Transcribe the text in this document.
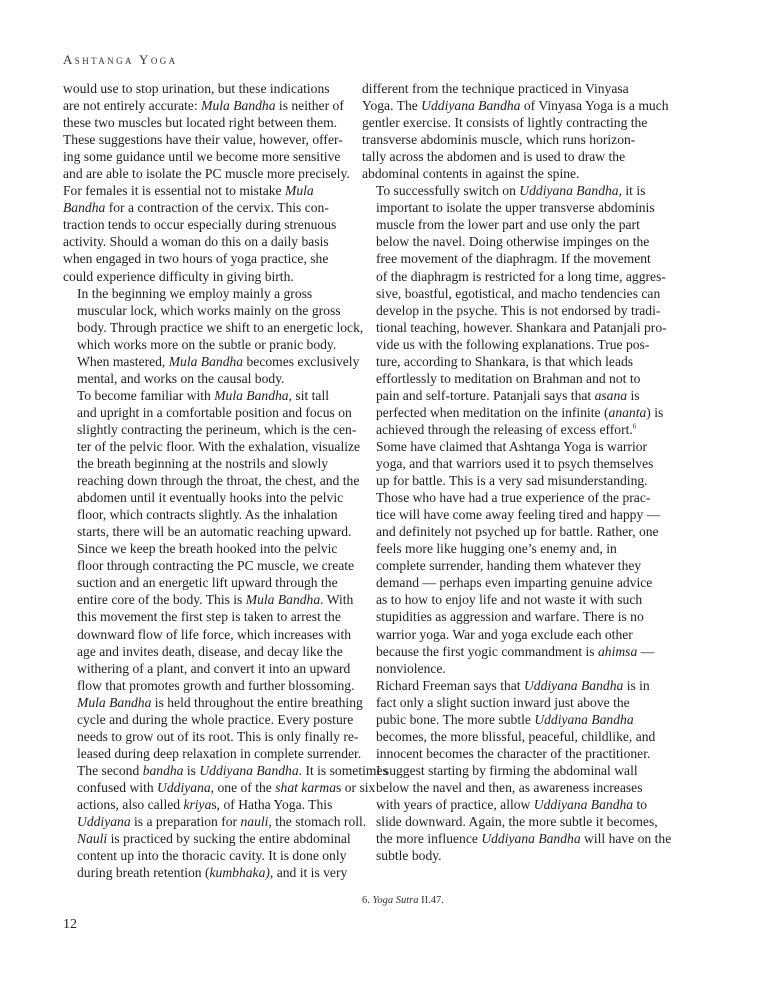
Ashtanga Yoga

would use to stop urination, but these indications
are not entirely accurate: Mula Bandha is neither of
these two muscles but located right between them.
These suggestions have their value, however, offer-
ing some guidance until we become more sensitive
and are able to isolate the PC muscle more precisely.
For females it is essential not to mistake Mula
Bandha for a contraction of the cervix. This con-
traction tends to occur especially during strenuous
activity. Should a woman do this on a daily basis
when engaged in two hours of yoga practice, she
could experience difficulty in giving birth.

In the beginning we employ mainly a gross
muscular lock, which works mainly on the gross
body. Through practice we shift to an energetic lock,
which works more on the subtle or pranic body.
When mastered, Mula Bandha becomes exclusively
mental, and works on the causal body.

To become familiar with Mula Bandha, sit tall
and upright in a comfortable position and focus on
slightly contracting the perineum, which is the cen-
ter of the pelvic floor. With the exhalation, visualize
the breath beginning at the nostrils and slowly
reaching down through the throat, the chest, and the
abdomen until it eventually hooks into the pelvic
floor, which contracts slightly. As the inhalation
starts, there will be an automatic reaching upward.
Since we keep the breath hooked into the pelvic
floor through contracting the PC muscle, we create
suction and an energetic lift upward through the
entire core of the body. This is Mula Bandha. With
this movement the first step is taken to arrest the
downward flow of life force, which increases with
age and invites death, disease, and decay like the
withering of a plant, and convert it into an upward
flow that promotes growth and further blossoming.

Mula Bandha is held throughout the entire breathing
cycle and during the whole practice. Every posture
needs to grow out of its root. This is only finally re-
leased during deep relaxation in complete surrender.
The second bandha is Uddiyana Bandha. It is sometimes
confused with Uddiyana, one of the shat karmas or six
actions, also called kriyas, of Hatha Yoga. This
Uddiyana is a preparation for nauli, the stomach roll.
Nauli is practiced by sucking the entire abdominal
content up into the thoracic cavity. It is done only
during breath retention (kumbhaka), and it is very

different from the technique practiced in Vinyasa
Yoga. The Uddiyana Bandha of Vinyasa Yoga is a much
gentler exercise. It consists of lightly contracting the
transverse abdominis muscle, which runs horizon-
tally across the abdomen and is used to draw the
abdominal contents in against the spine.

To successfully switch on Uddiyana Bandha, it is
important to isolate the upper transverse abdominis
muscle from the lower part and use only the part
below the navel. Doing otherwise impinges on the
free movement of the diaphragm. If the movement
of the diaphragm is restricted for a long time, aggres-
sive, boastful, egotistical, and macho tendencies can
develop in the psyche. This is not endorsed by tradi-
tional teaching, however. Shankara and Patanjali pro-
vide us with the following explanations. True pos-
ture, according to Shankara, is that which leads
effortlessly to meditation on Brahman and not to
pain and self-torture. Patanjali says that asana is
perfected when meditation on the infinite (ananta) is
achieved through the releasing of excess effort.$^6$

Some have claimed that Ashtanga Yoga is warrior
yoga, and that warriors used it to psych themselves
up for battle. This is a very sad misunderstanding.
Those who have had a true experience of the prac-
tice will have come away feeling tired and happy —
and definitely not psyched up for battle. Rather, one
feels more like hugging one’s enemy and, in
complete surrender, handing them whatever they
demand — perhaps even imparting genuine advice
as to how to enjoy life and not waste it with such
stupidities as aggression and warfare. There is no
warrior yoga. War and yoga exclude each other
because the first yogic commandment is ahimsa —
nonviolence.

Richard Freeman says that Uddiyana Bandha is in
fact only a slight suction inward just above the
pubic bone. The more subtle Uddiyana Bandha
becomes, the more blissful, peaceful, childlike, and
innocent becomes the character of the practitioner.
I suggest starting by firming the abdominal wall
below the navel and then, as awareness increases
with years of practice, allow Uddiyana Bandha to
slide downward. Again, the more subtle it becomes,
the more influence Uddiyana Bandha will have on the
subtle body.

6. Yoga Sutra II.47.
12
